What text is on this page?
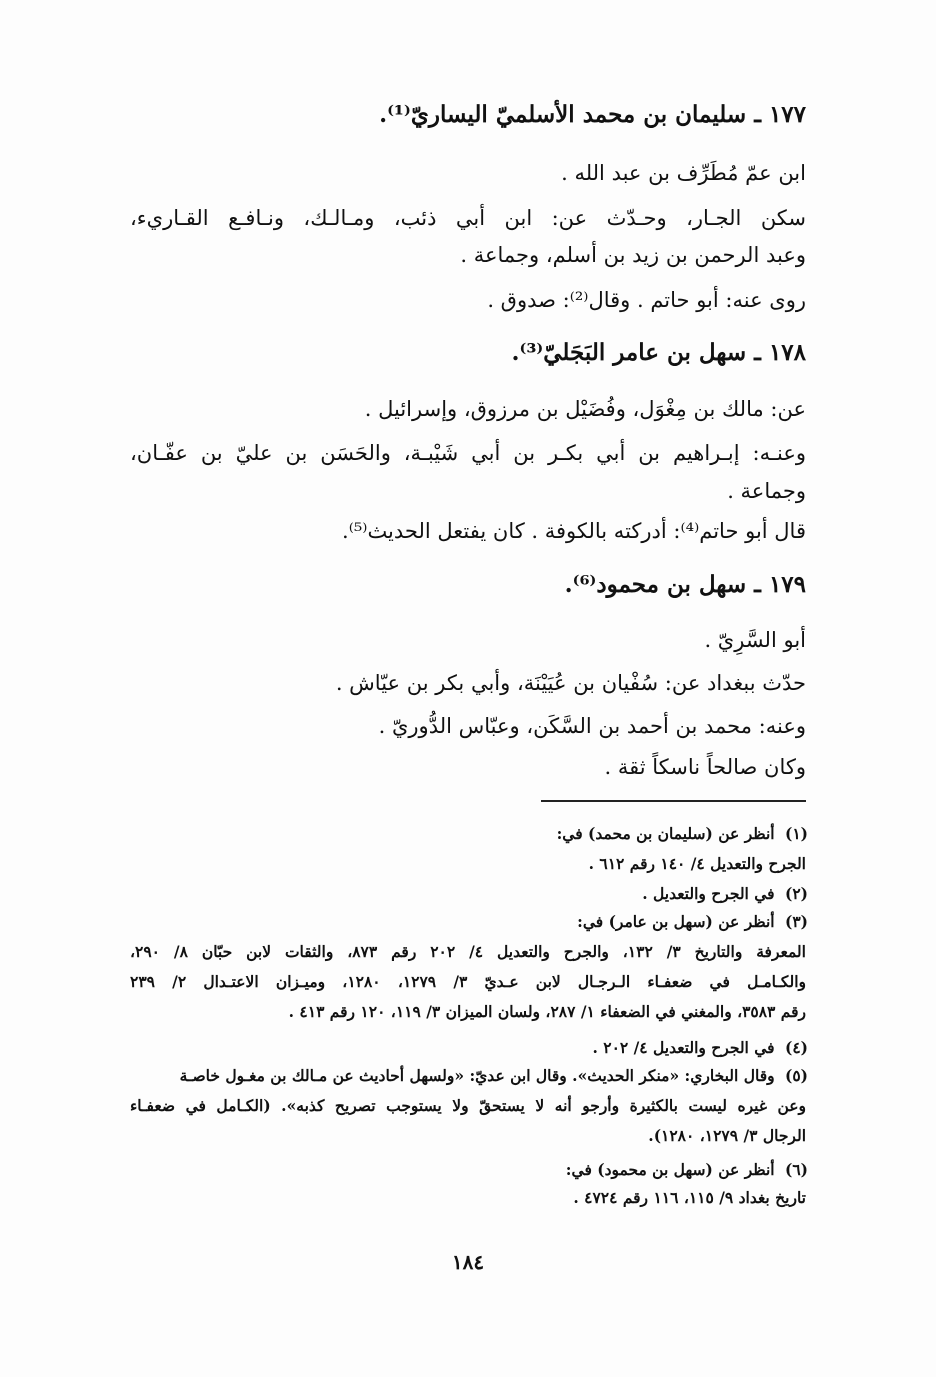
١٧٧ ـ سليمان بن محمد الأسلميّ اليساريّ⁽¹⁾.
ابن عمّ مُطَرِّف بن عبد الله .
سكن الجـار، وحـدّث عن: ابن أبي ذئب، ومـالـك، ونـافـع القـاريء،
وعبد الرحمن بن زيد بن أسلم، وجماعة .
روى عنه: أبو حاتم . وقال⁽²⁾: صدوق .
١٧٨ ـ سهل بن عامر البَجَليّ⁽³⁾.
عن: مالك بن مِغْوَل، وفُضَيْل بن مرزوق، وإسرائيل .
وعنـه: إبـراهيم بن أبي بكـر بن أبي شَيْبـة، والحَسَن بن عليّ بن عفّـان،
وجماعة .
قال أبو حاتم⁽⁴⁾: أدركته بالكوفة . كان يفتعل الحديث⁽⁵⁾.
١٧٩ ـ سهل بن محمود⁽⁶⁾.
أبو السَّرِيّ .
حدّث ببغداد عن: سُفْيان بن عُيَيْنَة، وأبي بكر بن عيّاش .
وعنه: محمد بن أحمد بن السَّكَن، وعبّاس الدُّوريّ .
وكان صالحاً ناسكاً ثقة .
(١) أنظر عن (سليمان بن محمد) في:
الجرح والتعديل ٤/ ١٤٠ رقم ٦١٢ .
(٢) في الجرح والتعديل .
(٣) أنظر عن (سهل بن عامر) في:
المعرفة والتاريخ ٣/ ١٣٢، والجرح والتعديل ٤/ ٢٠٢ رقم ٨٧٣، والثقات لابن حبّان ٨/ ٢٩٠،
والكـامـل في ضعفـاء الـرجـال لابن عـديّ ٣/ ١٢٧٩، ١٢٨٠، وميـزان الاعتـدال ٢/ ٢٣٩
رقم ٣٥٨٣، والمغني في الضعفاء ١/ ٢٨٧، ولسان الميزان ٣/ ١١٩، ١٢٠ رقم ٤١٣ .
(٤) في الجرح والتعديل ٤/ ٢٠٢ .
(٥) وقال البخاري: «منكر الحديث». وقال ابن عديّ: «ولسهل أحاديث عن مـالك بن مغـول خاصـة
وعن غيره ليست بالكثيرة وأرجو أنه لا يستحقّ ولا يستوجب تصريح كذبه». (الكـامل في ضعفـاء
الرجال ٣/ ١٢٧٩، ١٢٨٠).
(٦) أنظر عن (سهل بن محمود) في:
تاريخ بغداد ٩/ ١١٥، ١١٦ رقم ٤٧٢٤ .
١٨٤
